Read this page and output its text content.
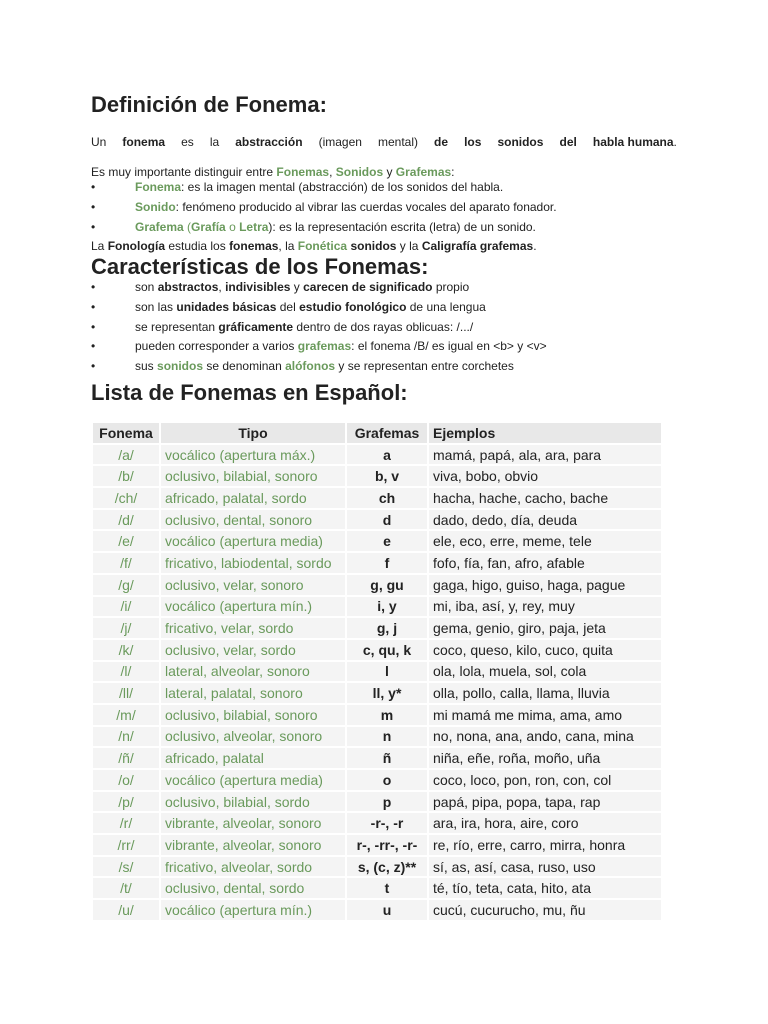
Definición de Fonema:
Un fonema es la abstracción (imagen mental) de los sonidos del habla humana.

Es muy importante distinguir entre Fonemas, Sonidos y Grafemas:

• Fonema: es la imagen mental (abstracción) de los sonidos del habla.
• Sonido: fenómeno producido al vibrar las cuerdas vocales del aparato fonador.
• Grafema (Grafía o Letra): es la representación escrita (letra) de un sonido.

La Fonología estudia los fonemas, la Fonética sonidos y la Caligrafía grafemas.

Características de los Fonemas:
• son abstractos, indivisibles y carecen de significado propio
• son las unidades básicas del estudio fonológico de una lengua
• se representan gráficamente dentro de dos rayas oblicuas: /.../
• pueden corresponder a varios grafemas: el fonema /B/ es igual en <b> y <v>
• sus sonidos se denominan alófonos y se representan entre corchetes
Lista de Fonemas en Español:
Fonema	Tipo	Grafemas	Ejemplos
/a/	vocálico (apertura máx.)	a	mamá, papá, ala, ara, para
/b/	oclusivo, bilabial, sonoro	b, v	viva, bobo, obvio
/ch/	africado, palatal, sordo	ch	hacha, hache, cacho, bache
/d/	oclusivo, dental, sonoro	d	dado, dedo, día, deuda
/e/	vocálico (apertura media)	e	ele, eco, erre, meme, tele
/f/	fricativo, labiodental, sordo	f	fofo, fía, fan, afro, afable
/g/	oclusivo, velar, sonoro	g, gu	gaga, higo, guiso, haga, pague
/i/	vocálico (apertura mín.)	i, y	mi, iba, así, y, rey, muy
/j/	fricativo, velar, sordo	g, j	gema, genio, giro, paja, jeta
/k/	oclusivo, velar, sordo	c, qu, k	coco, queso, kilo, cuco, quita
/l/	lateral, alveolar, sonoro	l	ola, lola, muela, sol, cola
/ll/	lateral, palatal, sonoro	ll, y*	olla, pollo, calla, llama, lluvia
/m/	oclusivo, bilabial, sonoro	m	mi mamá me mima, ama, amo
/n/	oclusivo, alveolar, sonoro	n	no, nona, ana, ando, cana, mina
/ñ/	africado, palatal	ñ	niña, eñe, roña, moño, uña
/o/	vocálico (apertura media)	o	coco, loco, pon, ron, con, col
/p/	oclusivo, bilabial, sordo	p	papá, pipa, popa, tapa, rap
/r/	vibrante, alveolar, sonoro	-r-, -r	ara, ira, hora, aire, coro
/rr/	vibrante, alveolar, sonoro	r-, -rr-, -r-	re, río, erre, carro, mirra, honra
/s/	fricativo, alveolar, sordo	s, (c, z)**	sí, as, así, casa, ruso, uso
/t/	oclusivo, dental, sordo	t	té, tío, teta, cata, hito, ata
/u/	vocálico (apertura mín.)	u	cucú, cucurucho, mu, ñu
